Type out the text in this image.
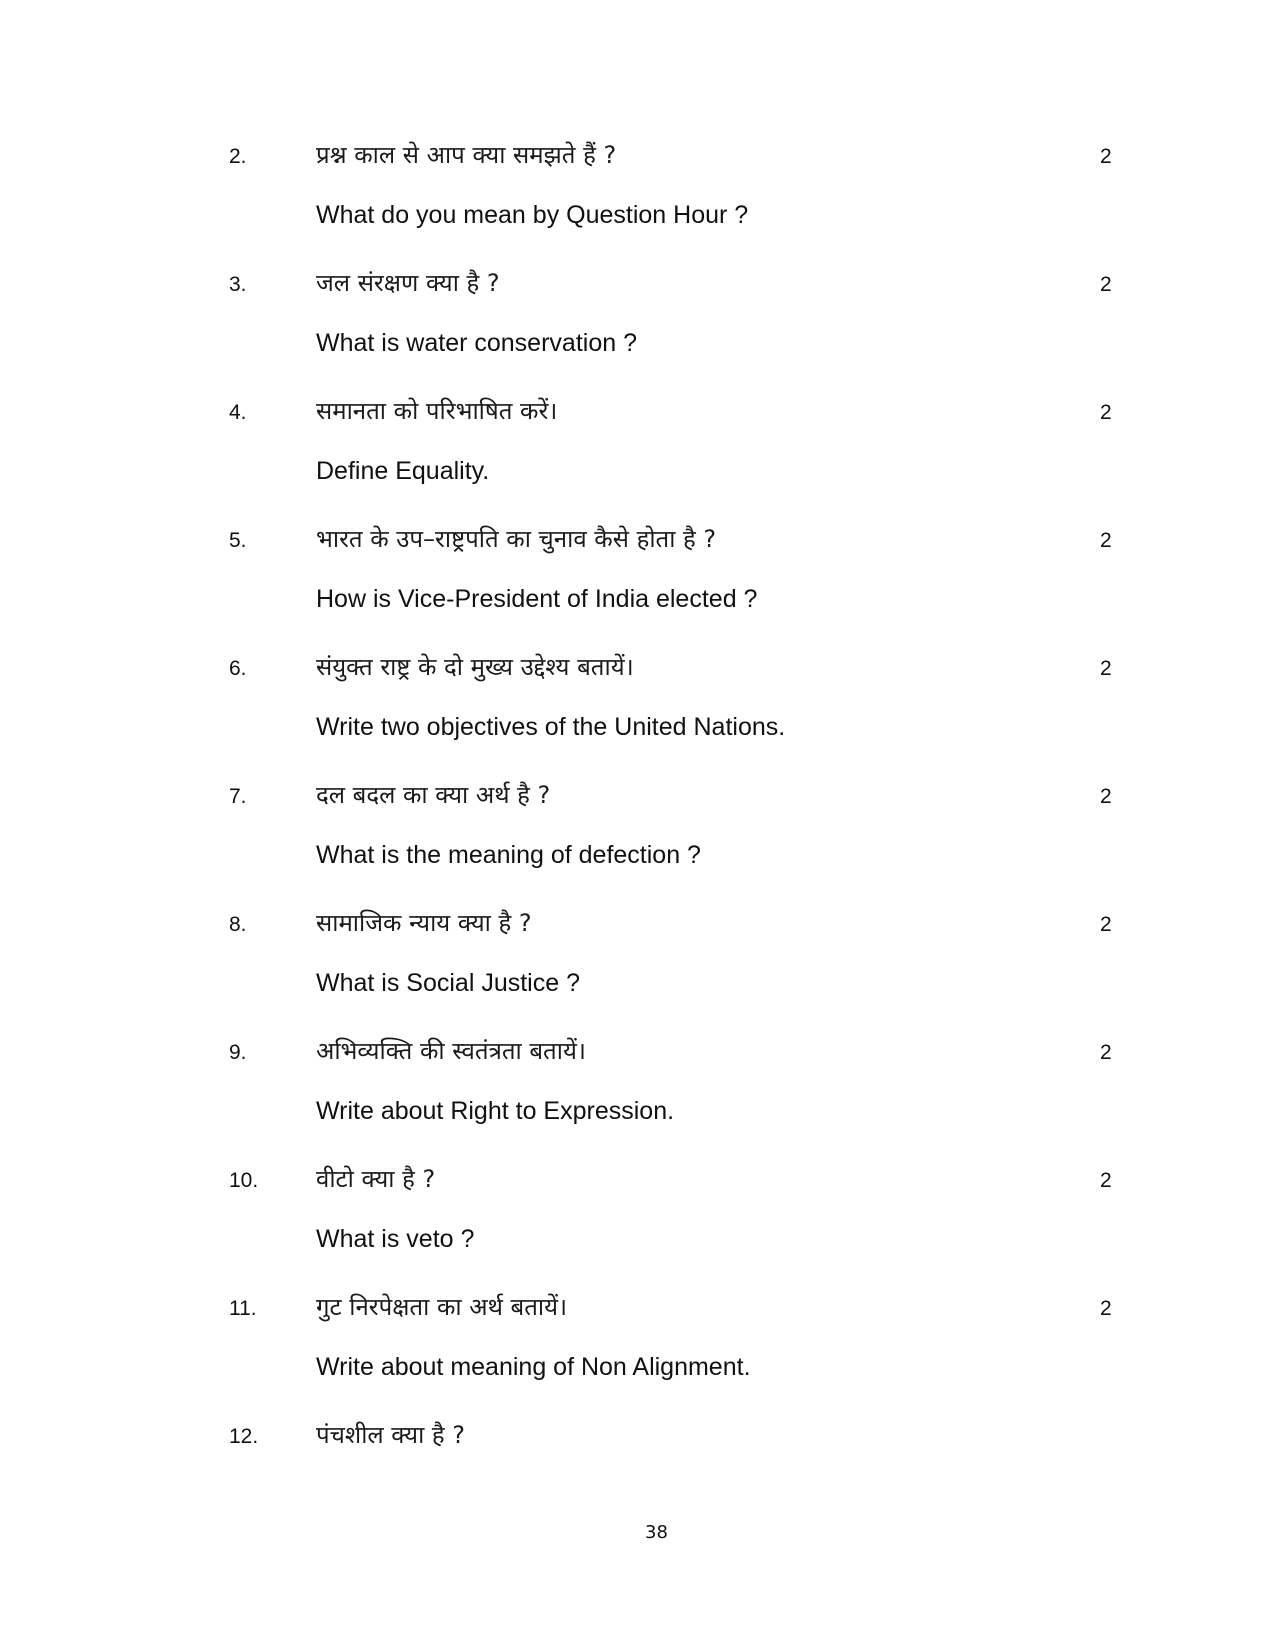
2.	प्रश्न काल से आप क्या समझते हैं ?	2
What do you mean by Question Hour ?
3.	जल संरक्षण क्या है ?	2
What is water conservation ?
4.	समानता को परिभाषित करें।	2
Define Equality.
5.	भारत के उप–राष्ट्रपति का चुनाव कैसे होता है ?	2
How is Vice-President of India elected ?
6.	संयुक्त राष्ट्र के दो मुख्य उद्देश्य बतायें।	2
Write two objectives of the United Nations.
7.	दल बदल का क्या अर्थ है ?	2
What is the meaning of defection ?
8.	सामाजिक न्याय क्या है ?	2
What is Social Justice ?
9.	अभिव्यक्ति की स्वतंत्रता बतायें।	2
Write about Right to Expression.
10. वीटो क्या है ?	2
What is veto ?
11. गुट निरपेक्षता का अर्थ बतायें।	2
Write about meaning of Non Alignment.
12. पंचशील क्या है ?
38
